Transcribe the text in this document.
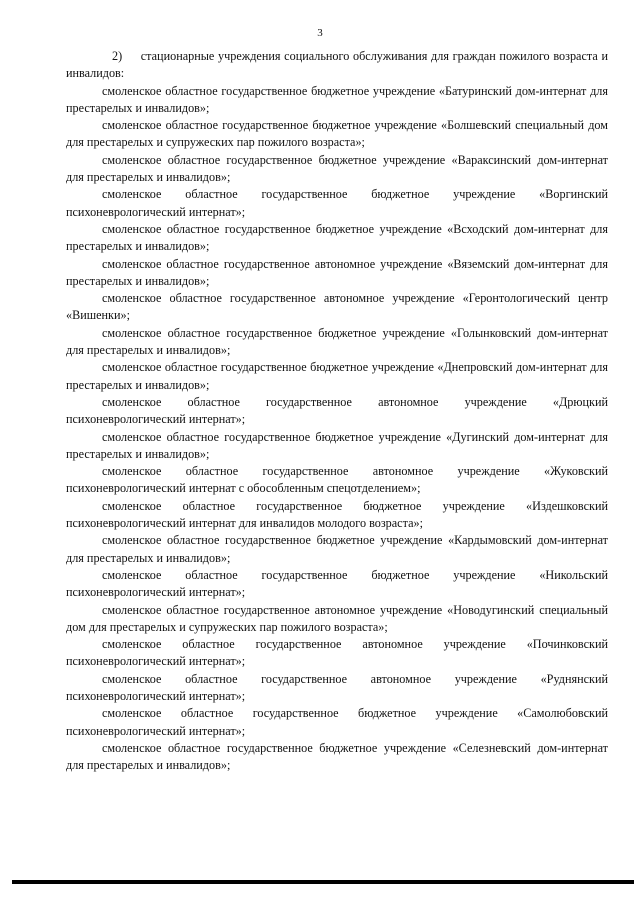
3

2)     стационарные учреждения социального обслуживания для граждан пожилого возраста и инвалидов:

смоленское областное государственное бюджетное учреждение «Батуринский дом-интернат для престарелых и инвалидов»;

смоленское областное государственное бюджетное учреждение «Болшевский специальный дом для престарелых и супружеских пар пожилого возраста»;

смоленское областное государственное бюджетное учреждение «Вараксинский дом-интернат для престарелых и инвалидов»;

смоленское областное государственное бюджетное учреждение «Воргинский психоневрологический интернат»;

смоленское областное государственное бюджетное учреждение «Всходский дом-интернат для престарелых и инвалидов»;

смоленское областное государственное автономное учреждение «Вяземский дом-интернат для престарелых и инвалидов»;

смоленское областное государственное автономное учреждение «Геронтологический центр «Вишенки»;

смоленское областное государственное бюджетное учреждение «Голынковский дом-интернат для престарелых и инвалидов»;

смоленское областное государственное бюджетное учреждение «Днепровский дом-интернат для престарелых и инвалидов»;

смоленское областное государственное автономное учреждение «Дрюцкий психоневрологический интернат»;

смоленское областное государственное бюджетное учреждение «Дугинский дом-интернат для престарелых и инвалидов»;

смоленское областное государственное автономное учреждение «Жуковский психоневрологический интернат с обособленным спецотделением»;

смоленское областное государственное бюджетное учреждение «Издешковский психоневрологический интернат для инвалидов молодого возраста»;

смоленское областное государственное бюджетное учреждение «Кардымовский дом-интернат для престарелых и инвалидов»;

смоленское областное государственное бюджетное учреждение «Никольский психоневрологический интернат»;

смоленское областное государственное автономное учреждение «Новодугинский специальный дом для престарелых и супружеских пар пожилого возраста»;

смоленское областное государственное автономное учреждение «Починковский психоневрологический интернат»;

смоленское областное государственное автономное учреждение «Руднянский психоневрологический интернат»;

смоленское областное государственное бюджетное учреждение «Самолюбовский психоневрологический интернат»;

смоленское областное государственное бюджетное учреждение «Селезневский дом-интернат для престарелых и инвалидов»;
